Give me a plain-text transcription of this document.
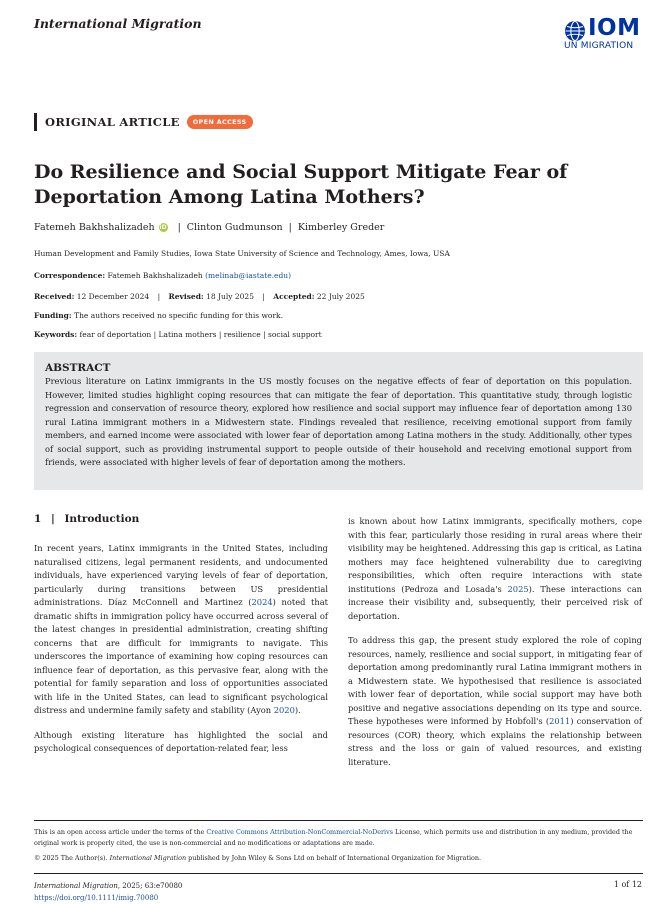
International Migration	IOM
UN MIGRATION
ORIGINAL ARTICLE	OPEN ACCESS
Do Resilience and Social Support Mitigate Fear of Deportation Among Latina Mothers?
Fatemeh Bakhshalizadeh iD | Clinton Gudmunson | Kimberley Greder
Human Development and Family Studies, Iowa State University of Science and Technology, Ames, Iowa, USA
Correspondence: Fatemeh Bakhshalizadeh (melinab@iastate.edu)
Received: 12 December 2024 | Revised: 18 July 2025 | Accepted: 22 July 2025
Funding: The authors received no specific funding for this work.
Keywords: fear of deportation | Latina mothers | resilience | social support
ABSTRACT
Previous literature on Latinx immigrants in the US mostly focuses on the negative effects of fear of deportation on this population. However, limited studies highlight coping resources that can mitigate the fear of deportation. This quantitative study, through logistic regression and conservation of resource theory, explored how resilience and social support may influence fear of deportation among 130 rural Latina immigrant mothers in a Midwestern state. Findings revealed that resilience, receiving emotional support from family members, and earned income were associated with lower fear of deportation among Latina mothers in the study. Additionally, other types of social support, such as providing instrumental support to people outside of their household and receiving emotional support from friends, were associated with higher levels of fear of deportation among the mothers.
1 | Introduction

In recent years, Latinx immigrants in the United States, including naturalised citizens, legal permanent residents, and undocumented individuals, have experienced varying levels of fear of deportation, particularly during transitions between US presidential administrations. Díaz McConnell and Martinez (2024) noted that dramatic shifts in immigration policy have occurred across several of the latest changes in presidential administration, creating shifting concerns that are difficult for immigrants to navigate. This underscores the importance of examining how coping resources can influence fear of deportation, as this pervasive fear, along with the potential for family separation and loss of opportunities associated with life in the United States, can lead to significant psychological distress and undermine family safety and stability (Ayon 2020).

Although existing literature has highlighted the social and psychological consequences of deportation-related fear, less

is known about how Latinx immigrants, specifically mothers, cope with this fear, particularly those residing in rural areas where their visibility may be heightened. Addressing this gap is critical, as Latina mothers may face heightened vulnerability due to caregiving responsibilities, which often require interactions with state institutions (Pedroza and Losada's 2025). These interactions can increase their visibility and, subsequently, their perceived risk of deportation.

To address this gap, the present study explored the role of coping resources, namely, resilience and social support, in mitigating fear of deportation among predominantly rural Latina immigrant mothers in a Midwestern state. We hypothesised that resilience is associated with lower fear of deportation, while social support may have both positive and negative associations depending on its type and source. These hypotheses were informed by Hobfoll's (2011) conservation of resources (COR) theory, which explains the relationship between stress and the loss or gain of valued resources, and existing literature.

This is an open access article under the terms of the Creative Commons Attribution-NonCommercial-NoDerivs License, which permits use and distribution in any medium, provided the original work is properly cited, the use is non-commercial and no modifications or adaptations are made.
© 2025 The Author(s). International Migration published by John Wiley & Sons Ltd on behalf of International Organization for Migration.
International Migration, 2025; 63:e70080
https://doi.org/10.1111/imig.70080
1 of 12
